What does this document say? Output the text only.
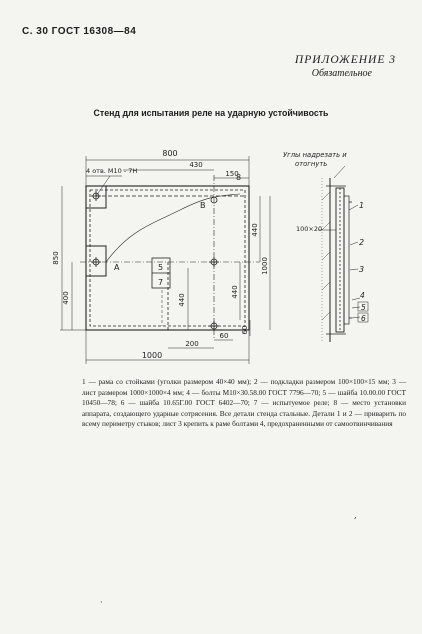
С. 30 ГОСТ 16308—84
ПРИЛОЖЕНИЕ 3
Обязательное
Стенд для испытания реле на ударную устойчивость
800
430
150
4 отв. М10 - 7Н
850
400
440
1000
440
60
440
60
200
1000
А
В
5
7
8
Углы надрезать и
отогнуть
100×20
1
2
3
4
5
6
1 — рама со стойками (уголки размером 40×40 мм); 2 — подкладки размером 100×100×15 мм; 3 — лист размером 1000×1000×4 мм; 4 — болты М10×30.58.00 ГОСТ 7796—70; 5 — шайба 10.00.00 ГОСТ 10450—78; 6 — шайба 10.65Г.00 ГОСТ 6402—70; 7 — испытуемое реле; 8 — место установки аппарата, создающего ударные сотрясения. Все детали стенда стальные. Детали 1 и 2 — приварить по всему периметру стыков; лист 3 крепить к раме болтами 4, предохраненными от самоотвинчивания
‚
·
